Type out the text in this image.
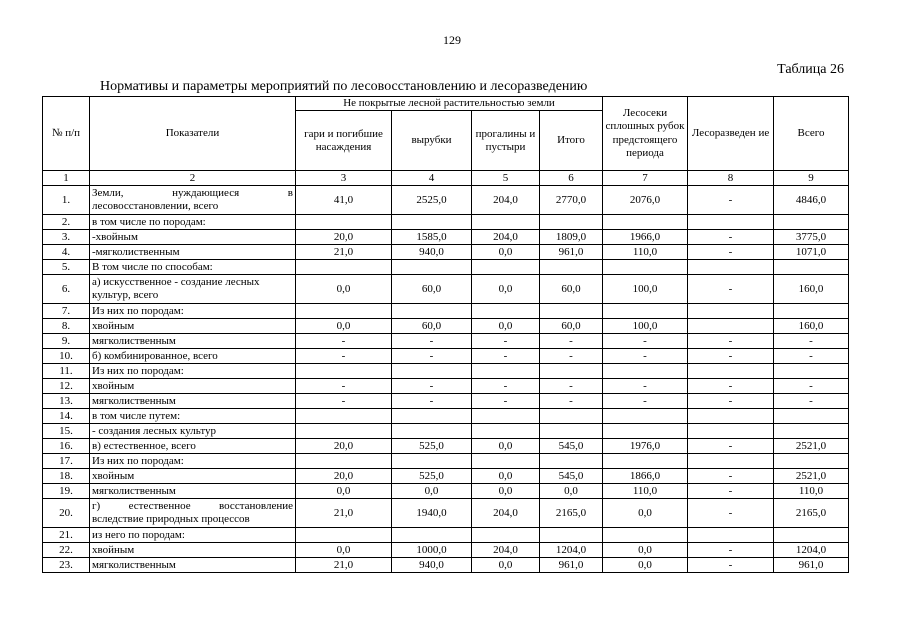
129
Таблица 26
Нормативы и параметры мероприятий по лесовосстановлению и лесоразведению
№ п/п	Показатели	Не покрытые лесной растительностью земли				Лесосеки сплошных рубок предстоящего периода	Лесоразведен ие	Всего
		гари и погибшие насаждения	вырубки	прогалины и пустыри	Итого			
1	2	3	4	5	6	7	8	9
1.	Земли, нуждающиеся в лесовосстановлении, всего	41,0	2525,0	204,0	2770,0	2076,0	-	4846,0
2.	в том числе по породам:							
3.	-хвойным	20,0	1585,0	204,0	1809,0	1966,0	-	3775,0
4.	-мягколиственным	21,0	940,0	0,0	961,0	110,0	-	1071,0
5.	В том числе по способам:							
6.	а) искусственное - создание лесных культур, всего	0,0	60,0	0,0	60,0	100,0	-	160,0
7.	Из них по породам:							
8.	хвойным	0,0	60,0	0,0	60,0	100,0		160,0
9.	мягколиственным	-	-	-	-	-	-	-
10.	б) комбинированное, всего	-	-	-	-	-	-	-
11.	Из них по породам:							
12.	хвойным	-	-	-	-	-	-	-
13.	мягколиственным	-	-	-	-	-	-	-
14.	в том числе путем:							
15.	- создания лесных культур							
16.	в) естественное, всего	20,0	525,0	0,0	545,0	1976,0	-	2521,0
17.	Из них по породам:							
18.	хвойным	20,0	525,0	0,0	545,0	1866,0	-	2521,0
19.	мягколиственным	0,0	0,0	0,0	0,0	110,0	-	110,0
20.	г) естественное восстановление вследствие природных процессов	21,0	1940,0	204,0	2165,0	0,0	-	2165,0
21.	из него по породам:							
22.	хвойным	0,0	1000,0	204,0	1204,0	0,0	-	1204,0
23.	мягколиственным	21,0	940,0	0,0	961,0	0,0	-	961,0
